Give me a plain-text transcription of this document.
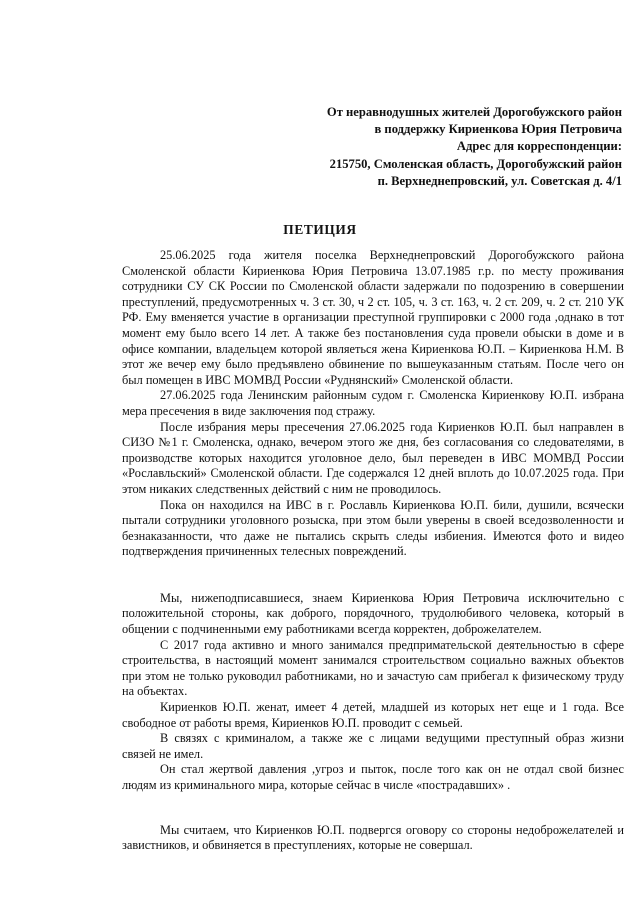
От неравнодушных жителей Дорогобужского район
в поддержку Кириенкова Юрия Петровича
Адрес для корреспонденции:
215750, Смоленская область, Дорогобужский район
п. Верхнеднепровский, ул. Советская д. 4/1
ПЕТИЦИЯ

25.06.2025 года жителя поселка Верхнеднепровский Дорогобужского района Смоленской области Кириенкова Юрия Петровича 13.07.1985 г.р. по месту проживания сотрудники СУ СК России по Смоленской области задержали по подозрению в совершении преступлений, предусмотренных ч. 3 ст. 30, ч 2 ст. 105, ч. 3 ст. 163, ч. 2 ст. 209, ч. 2 ст. 210 УК РФ. Ему вменяется участие в организации преступной группировки с 2000 года ,однако в тот момент ему было всего 14 лет. А также без постановления суда провели обыски в доме и в офисе компании, владельцем которой являеться жена Кириенкова Ю.П. – Кириенкова Н.М. В этот же вечер ему было предъявлено обвинение по вышеуказанным статьям. После чего он был помещен в ИВС МОМВД России «Руднянский» Смоленской области.

27.06.2025 года Ленинским районным судом г. Смоленска Кириенкову Ю.П. избрана мера пресечения в виде заключения под стражу.

После избрания меры пресечения 27.06.2025 года Кириенков Ю.П. был направлен в СИЗО №1 г. Смоленска, однако, вечером этого же дня, без согласования со следователями, в производстве которых находится уголовное дело, был переведен в ИВС МОМВД России «Рославльский» Смоленской области. Где содержался 12 дней вплоть до 10.07.2025 года. При этом никаких следственных действий с ним не проводилось.

Пока он находился на ИВС в г. Рославль Кириенкова Ю.П. били, душили, всячески пытали сотрудники уголовного розыска, при этом были уверены в своей вседозволенности и безнаказанности, что даже не пытались скрыть следы избиения. Имеются фото и видео подтверждения причиненных телесных повреждений.

Мы, нижеподписавшиеся, знаем Кириенкова Юрия Петровича исключительно с положительной стороны, как доброго, порядочного, трудолюбивого человека, который в общении с подчиненными ему работниками всегда корректен, доброжелателем.

С 2017 года активно и много занимался предпримательской деятельностью в сфере строительства, в настоящий момент занимался строительством социально важных объектов при этом не только руководил работниками, но и зачастую сам прибегал к физическому труду на объектах.

Кириенков Ю.П. женат, имеет 4 детей, младшей из которых нет еще и 1 года. Все свободное от работы время, Кириенков Ю.П. проводит с семьей.

В связях с криминалом, а также же с лицами ведущими преступный образ жизни связей не имел.

Он стал жертвой давления ,угроз и пыток, после того как он не отдал свой бизнес людям из криминального мира, которые сейчас в числе «пострадавших» .

Мы считаем, что Кириенков Ю.П. подвергся оговору со стороны недоброжелателей и завистников, и обвиняется в преступлениях, которые не совершал.
